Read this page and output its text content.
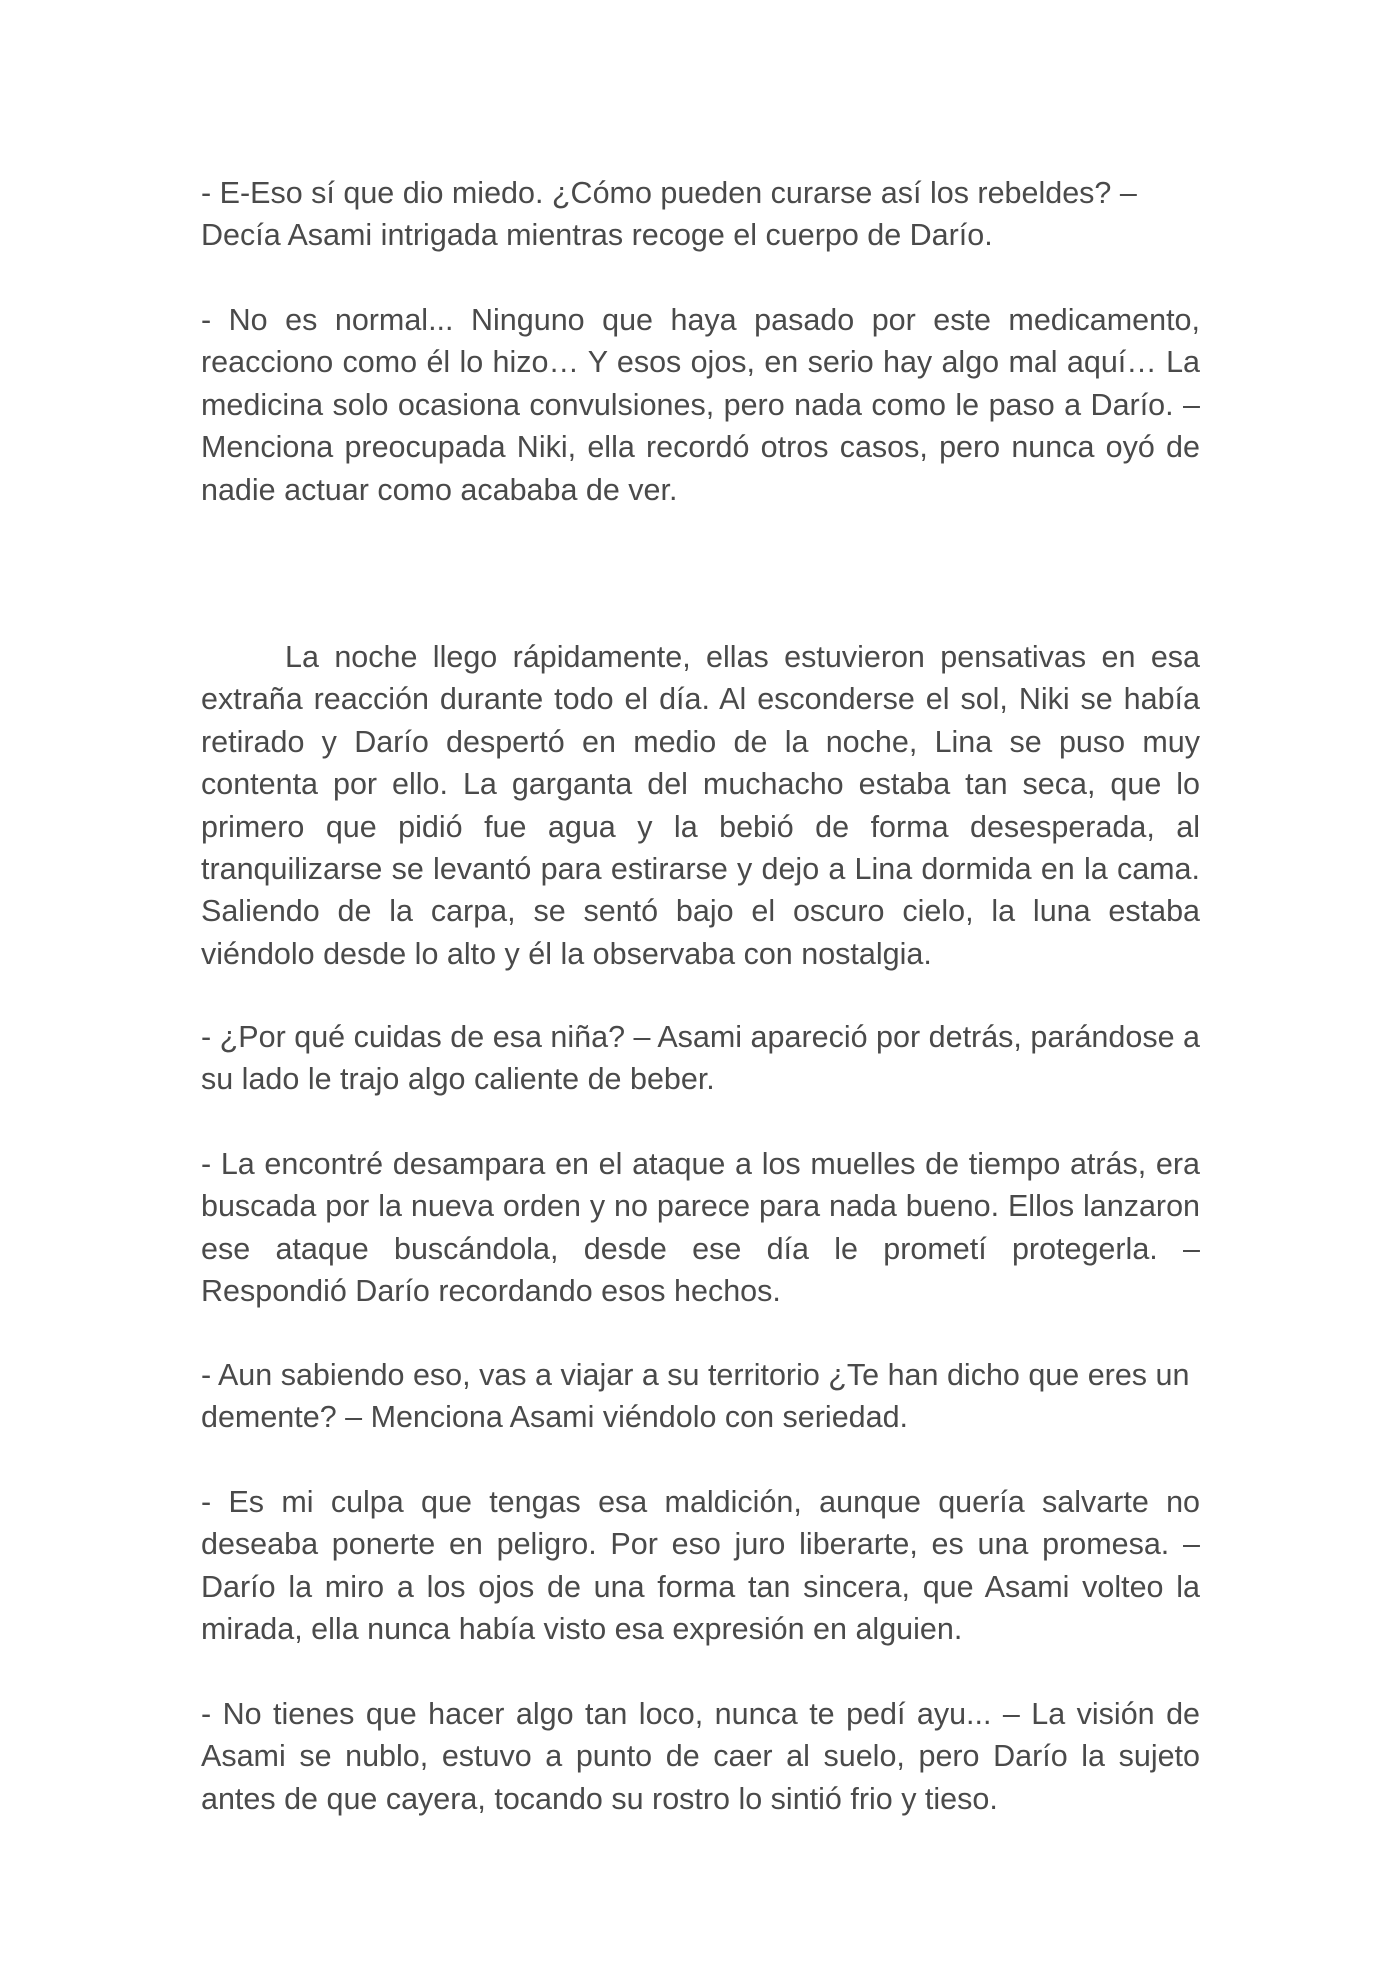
- E-Eso sí que dio miedo. ¿Cómo pueden curarse así los rebeldes? – Decía Asami intrigada mientras recoge el cuerpo de Darío.

- No es normal... Ninguno que haya pasado por este medicamento, reacciono como él lo hizo… Y esos ojos, en serio hay algo mal aquí… La medicina solo ocasiona convulsiones, pero nada como le paso a Darío. – Menciona preocupada Niki, ella recordó otros casos, pero nunca oyó de nadie actuar como acababa de ver.

La noche llego rápidamente, ellas estuvieron pensativas en esa extraña reacción durante todo el día. Al esconderse el sol, Niki se había retirado y Darío despertó en medio de la noche, Lina se puso muy contenta por ello. La garganta del muchacho estaba tan seca, que lo primero que pidió fue agua y la bebió de forma desesperada, al tranquilizarse se levantó para estirarse y dejo a Lina dormida en la cama. Saliendo de la carpa, se sentó bajo el oscuro cielo, la luna estaba viéndolo desde lo alto y él la observaba con nostalgia.

- ¿Por qué cuidas de esa niña? – Asami apareció por detrás, parándose a su lado le trajo algo caliente de beber.

- La encontré desampara en el ataque a los muelles de tiempo atrás, era buscada por la nueva orden y no parece para nada bueno. Ellos lanzaron ese ataque buscándola, desde ese día le prometí protegerla. – Respondió Darío recordando esos hechos.

- Aun sabiendo eso, vas a viajar a su territorio ¿Te han dicho que eres un demente? – Menciona Asami viéndolo con seriedad.

- Es mi culpa que tengas esa maldición, aunque quería salvarte no deseaba ponerte en peligro. Por eso juro liberarte, es una promesa. – Darío la miro a los ojos de una forma tan sincera, que Asami volteo la mirada, ella nunca había visto esa expresión en alguien.

- No tienes que hacer algo tan loco, nunca te pedí ayu... – La visión de Asami se nublo, estuvo a punto de caer al suelo, pero Darío la sujeto antes de que cayera, tocando su rostro lo sintió frio y tieso.
